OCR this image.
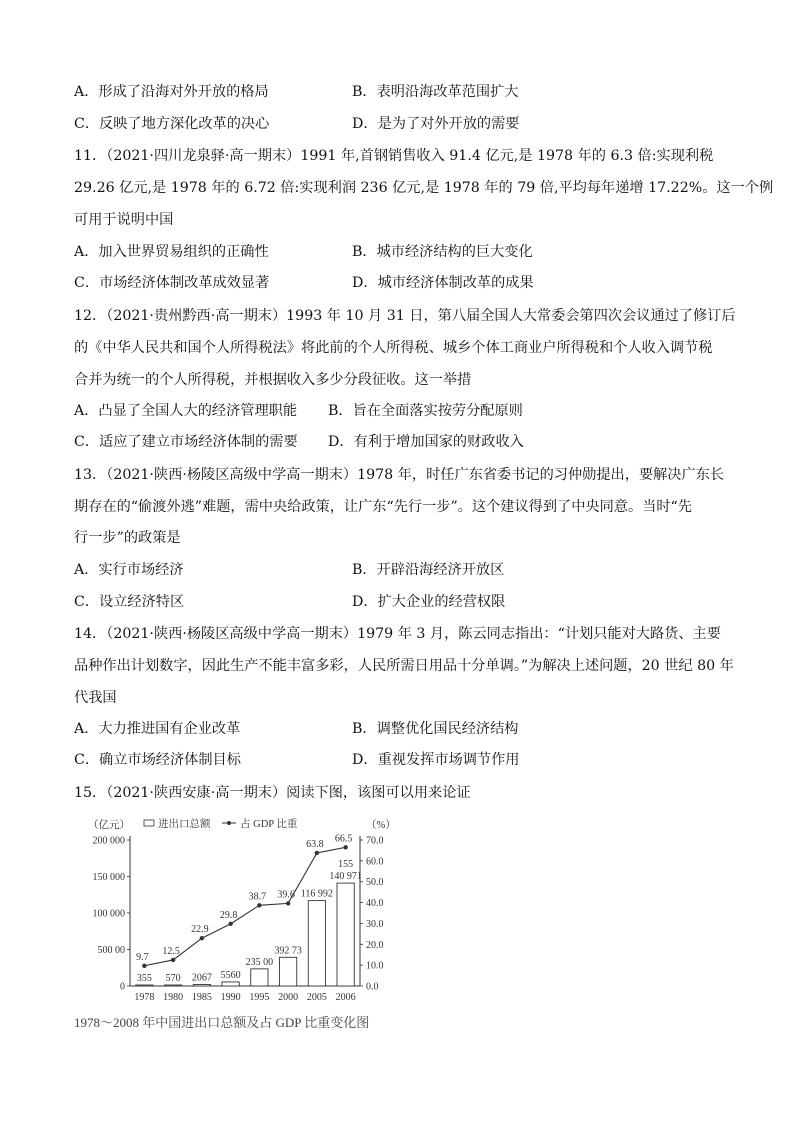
A．形成了沿海对外开放的格局	B．表明沿海改革范围扩大
C．反映了地方深化改革的决心	D．是为了对外开放的需要
11．（2021·四川龙泉驿·高一期末）1991 年,首钢销售收入 91.4 亿元,是 1978 年的 6.3 倍:实现利税
29.26 亿元,是 1978 年的 6.72 倍:实现利润 236 亿元,是 1978 年的 79 倍,平均每年递增 17.22%。这一个例
可用于说明中国
A．加入世界贸易组织的正确性	B．城市经济结构的巨大变化
C．市场经济体制改革成效显著	D．城市经济体制改革的成果
12．（2021·贵州黔西·高一期末）1993 年 10 月 31 日，第八届全国人大常委会第四次会议通过了修订后
的《中华人民共和国个人所得税法》将此前的个人所得税、城乡个体工商业户所得税和个人收入调节税
合并为统一的个人所得税，并根据收入多少分段征收。这一举措
A．凸显了全国人大的经济管理职能 B．旨在全面落实按劳分配原则
C．适应了建立市场经济体制的需要 D．有利于增加国家的财政收入
13．（2021·陕西·杨陵区高级中学高一期末）1978 年，时任广东省委书记的习仲勋提出，要解决广东长
期存在的“偷渡外逃”难题，需中央给政策，让广东“先行一步”。这个建议得到了中央同意。当时“先
行一步”的政策是
A．实行市场经济	B．开辟沿海经济开放区
C．设立经济特区	D．扩大企业的经营权限
14．（2021·陕西·杨陵区高级中学高一期末）1979 年 3 月，陈云同志指出：“计划只能对大路货、主要
品种作出计划数字，因此生产不能丰富多彩，人民所需日用品十分单调。”为解决上述问题，20 世纪 80 年
代我国
A．大力推进国有企业改革	B．调整优化国民经济结构
C．确立市场经济体制目标	D．重视发挥市场调节作用
15．（2021·陕西安康·高一期末）阅读下图，该图可以用来论证
（亿元）	（%）
进出口总额	占 GDP 比重
200 000
150 000
100 000
500 00
0
70.0
60.0
50.0
40.0
30.0
20.0
10.0
0.0
1978 1980 1985 1990 1995 2000 2005 2006
355 570 2067 5560
235 00
392 73
116 992
140 971
155
9.7
12.5
22.9
29.8
38.7 39.6
63.8
66.5
1978～2008 年中国进出口总额及占 GDP 比重变化图
